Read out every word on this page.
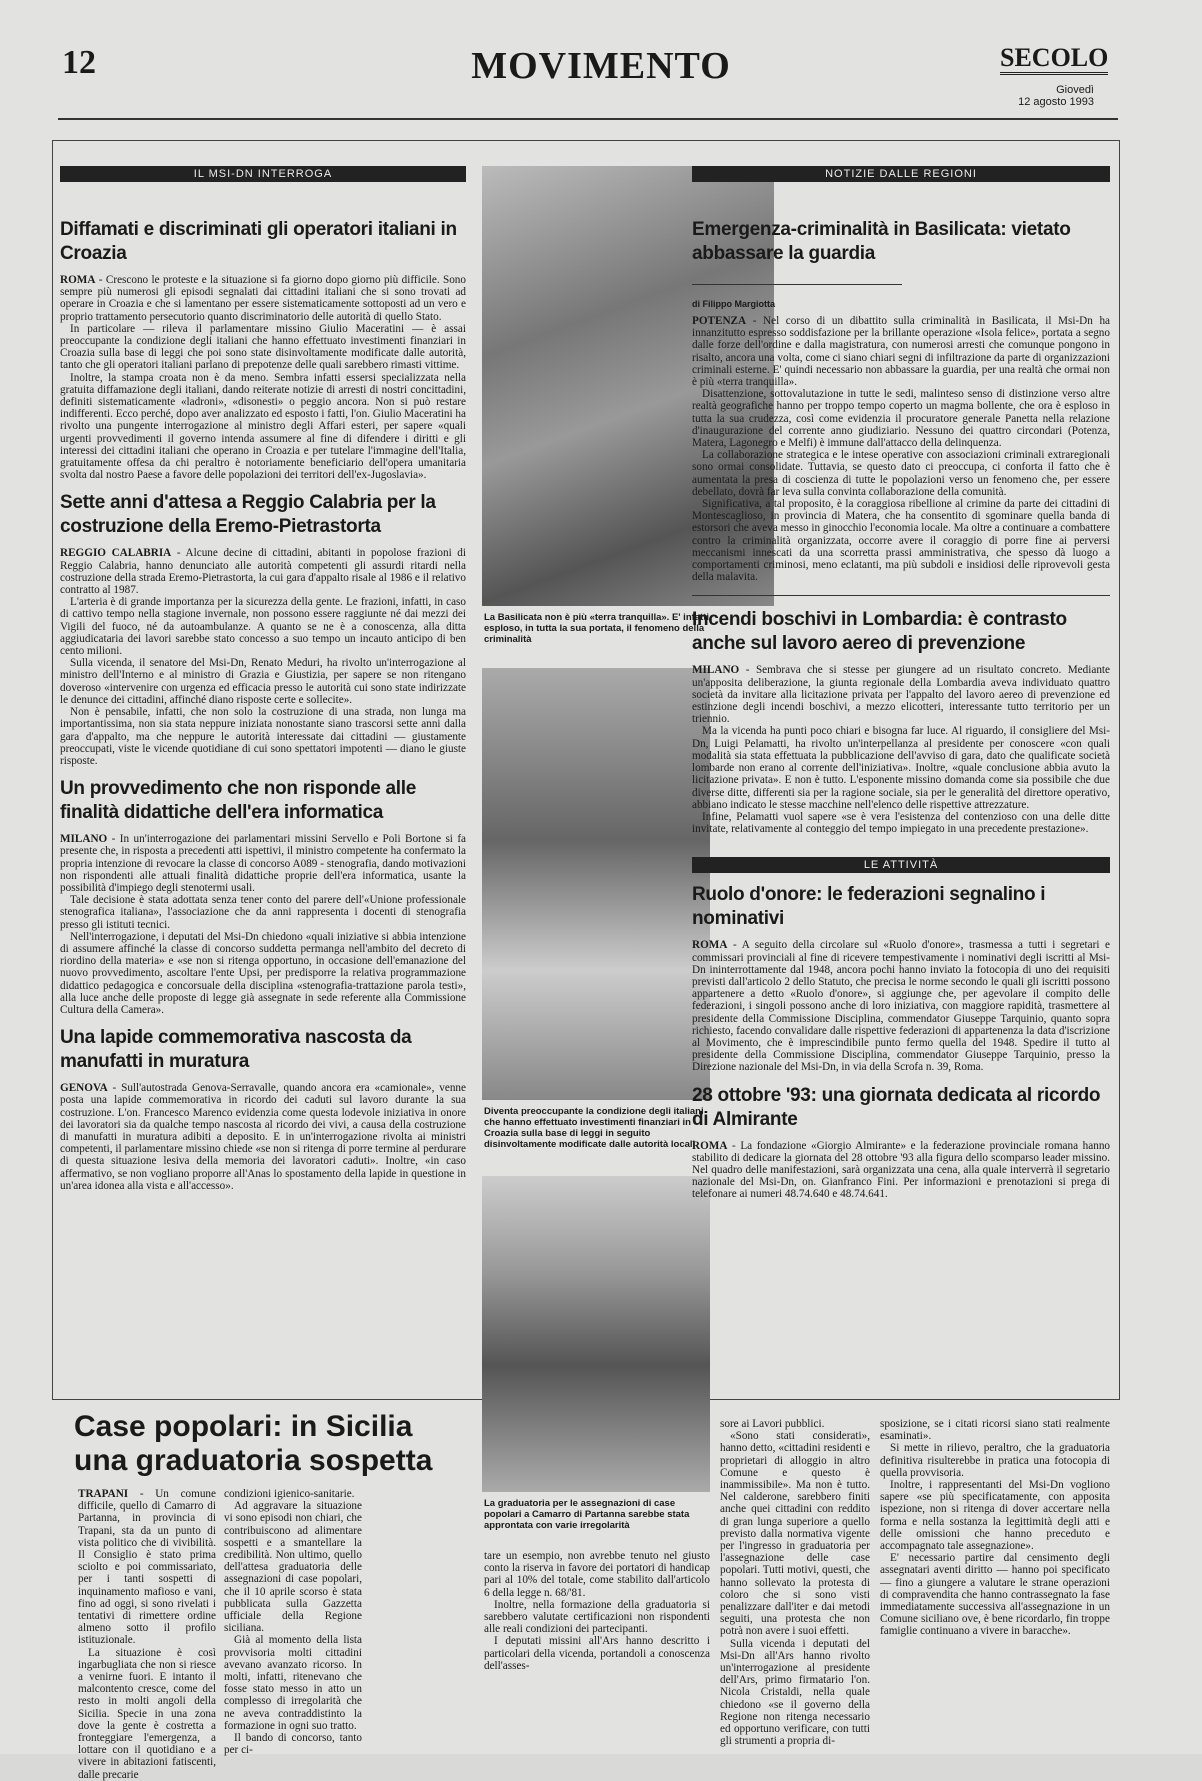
12	MOVIMENTO	SECOLO
Giovedì
12 agosto 1993
IL MSI-DN INTERROGA
Diffamati e discriminati gli operatori italiani in Croazia

ROMA - Crescono le proteste e la situazione si fa giorno dopo giorno più difficile. Sono sempre più numerosi gli episodi segnalati dai cittadini italiani che si sono trovati ad operare in Croazia e che si lamentano per essere sistematicamente sottoposti ad un vero e proprio trattamento persecutorio quanto discriminatorio delle autorità di quello Stato.

In particolare — rileva il parlamentare missino Giulio Maceratini — è assai preoccupante la condizione degli italiani che hanno effettuato investimenti finanziari in Croazia sulla base di leggi che poi sono state disinvoltamente modificate dalle autorità, tanto che gli operatori italiani parlano di prepotenze delle quali sarebbero rimasti vittime.

Inoltre, la stampa croata non è da meno. Sembra infatti essersi specializzata nella gratuita diffamazione degli italiani, dando reiterate notizie di arresti di nostri concittadini, definiti sistematicamente «ladroni», «disonesti» o peggio ancora. Non si può restare indifferenti. Ecco perché, dopo aver analizzato ed esposto i fatti, l'on. Giulio Maceratini ha rivolto una pungente interrogazione al ministro degli Affari esteri, per sapere «quali urgenti provvedimenti il governo intenda assumere al fine di difendere i diritti e gli interessi dei cittadini italiani che operano in Croazia e per tutelare l'immagine dell'Italia, gratuitamente offesa da chi peraltro è notoriamente beneficiario dell'opera umanitaria svolta dal nostro Paese a favore delle popolazioni dei territori dell'ex-Jugoslavia».

Sette anni d'attesa a Reggio Calabria per la costruzione della Eremo-Pietrastorta

REGGIO CALABRIA - Alcune decine di cittadini, abitanti in popolose frazioni di Reggio Calabria, hanno denunciato alle autorità competenti gli assurdi ritardi nella costruzione della strada Eremo-Pietrastorta, la cui gara d'appalto risale al 1986 e il relativo contratto al 1987.

L'arteria è di grande importanza per la sicurezza della gente. Le frazioni, infatti, in caso di cattivo tempo nella stagione invernale, non possono essere raggiunte né dai mezzi dei Vigili del fuoco, né da autoambulanze. A quanto se ne è a conoscenza, alla ditta aggiudicataria dei lavori sarebbe stato concesso a suo tempo un incauto anticipo di ben cento milioni.

Sulla vicenda, il senatore del Msi-Dn, Renato Meduri, ha rivolto un'interrogazione al ministro dell'Interno e al ministro di Grazia e Giustizia, per sapere se non ritengano doveroso «intervenire con urgenza ed efficacia presso le autorità cui sono state indirizzate le denunce dei cittadini, affinché diano risposte certe e sollecite».

Non è pensabile, infatti, che non solo la costruzione di una strada, non lunga ma importantissima, non sia stata neppure iniziata nonostante siano trascorsi sette anni dalla gara d'appalto, ma che neppure le autorità interessate dai cittadini — giustamente preoccupati, viste le vicende quotidiane di cui sono spettatori impotenti — diano le giuste risposte.

Un provvedimento che non risponde alle finalità didattiche dell'era informatica

MILANO - In un'interrogazione dei parlamentari missini Servello e Poli Bortone si fa presente che, in risposta a precedenti atti ispettivi, il ministro competente ha confermato la propria intenzione di revocare la classe di concorso A089 - stenografia, dando motivazioni non rispondenti alle attuali finalità didattiche proprie dell'era informatica, usante la possibilità d'impiego degli stenotermi usali.

Tale decisione è stata adottata senza tener conto del parere dell'«Unione professionale stenografica italiana», l'associazione che da anni rappresenta i docenti di stenografia presso gli istituti tecnici.

Nell'interrogazione, i deputati del Msi-Dn chiedono «quali iniziative si abbia intenzione di assumere affinché la classe di concorso suddetta permanga nell'ambito del decreto di riordino della materia» e «se non si ritenga opportuno, in occasione dell'emanazione del nuovo provvedimento, ascoltare l'ente Upsi, per predisporre la relativa programmazione didattico pedagogica e concorsuale della disciplina «stenografia-trattazione parola testi», alla luce anche delle proposte di legge già assegnate in sede referente alla Commissione Cultura della Camera».

Una lapide commemorativa nascosta da manufatti in muratura

GENOVA - Sull'autostrada Genova-Serravalle, quando ancora era «camionale», venne posta una lapide commemorativa in ricordo dei caduti sul lavoro durante la sua costruzione. L'on. Francesco Marenco evidenzia come questa lodevole iniziativa in onore dei lavoratori sia da qualche tempo nascosta al ricordo dei vivi, a causa della costruzione di manufatti in muratura adibiti a deposito. E in un'interrogazione rivolta ai ministri competenti, il parlamentare missino chiede «se non si ritenga di porre termine al perdurare di questa situazione lesiva della memoria dei lavoratori caduti». Inoltre, «in caso affermativo, se non vogliano proporre all'Anas lo spostamento della lapide in questione in un'area idonea alla vista e all'accesso».

La Basilicata non è più «terra tranquilla». E' infatti esploso, in tutta la sua portata, il fenomeno della criminalità
Diventa preoccupante la condizione degli italiani che hanno effettuato investimenti finanziari in Croazia sulla base di leggi in seguito disinvoltamente modificate dalle autorità locali
La graduatoria per le assegnazioni di case popolari a Camarro di Partanna sarebbe stata approntata con varie irregolarità
NOTIZIE DALLE REGIONI
Emergenza-criminalità in Basilicata: vietato abbassare la guardia
di Filippo Margiotta

POTENZA - Nel corso di un dibattito sulla criminalità in Basilicata, il Msi-Dn ha innanzitutto espresso soddisfazione per la brillante operazione «Isola felice», portata a segno dalle forze dell'ordine e dalla magistratura, con numerosi arresti che comunque pongono in risalto, ancora una volta, come ci siano chiari segni di infiltrazione da parte di organizzazioni criminali esterne. E' quindi necessario non abbassare la guardia, per una realtà che ormai non è più «terra tranquilla».

Disattenzione, sottovalutazione in tutte le sedi, malinteso senso di distinzione verso altre realtà geografiche hanno per troppo tempo coperto un magma bollente, che ora è esploso in tutta la sua crudezza, così come evidenzia il procuratore generale Panetta nella relazione d'inaugurazione del corrente anno giudiziario. Nessuno dei quattro circondari (Potenza, Matera, Lagonegro e Melfi) è immune dall'attacco della delinquenza.

La collaborazione strategica e le intese operative con associazioni criminali extraregionali sono ormai consolidate. Tuttavia, se questo dato ci preoccupa, ci conforta il fatto che è aumentata la presa di coscienza di tutte le popolazioni verso un fenomeno che, per essere debellato, dovrà far leva sulla convinta collaborazione della comunità.

Significativa, a tal proposito, è la coraggiosa ribellione al crimine da parte dei cittadini di Montescaglioso, in provincia di Matera, che ha consentito di sgominare quella banda di estorsori che aveva messo in ginocchio l'economia locale. Ma oltre a continuare a combattere contro la criminalità organizzata, occorre avere il coraggio di porre fine ai perversi meccanismi innescati da una scorretta prassi amministrativa, che spesso dà luogo a comportamenti criminosi, meno eclatanti, ma più subdoli e insidiosi delle riprovevoli gesta della malavita.

Incendi boschivi in Lombardia: è contrasto anche sul lavoro aereo di prevenzione

MILANO - Sembrava che si stesse per giungere ad un risultato concreto. Mediante un'apposita deliberazione, la giunta regionale della Lombardia aveva individuato quattro società da invitare alla licitazione privata per l'appalto del lavoro aereo di prevenzione ed estinzione degli incendi boschivi, a mezzo elicotteri, interessante tutto territorio per un triennio.

Ma la vicenda ha punti poco chiari e bisogna far luce. Al riguardo, il consigliere del Msi-Dn, Luigi Pelamatti, ha rivolto un'interpellanza al presidente per conoscere «con quali modalità sia stata effettuata la pubblicazione dell'avviso di gara, dato che qualificate società lombarde non erano al corrente dell'iniziativa». Inoltre, «quale conclusione abbia avuto la licitazione privata». E non è tutto. L'esponente missino domanda come sia possibile che due diverse ditte, differenti sia per la ragione sociale, sia per le generalità del direttore operativo, abbiano indicato le stesse macchine nell'elenco delle rispettive attrezzature.

Infine, Pelamatti vuol sapere «se è vera l'esistenza del contenzioso con una delle ditte invitate, relativamente al conteggio del tempo impiegato in una precedente prestazione».

LE ATTIVITÀ
Ruolo d'onore: le federazioni segnalino i nominativi

ROMA - A seguito della circolare sul «Ruolo d'onore», trasmessa a tutti i segretari e commissari provinciali al fine di ricevere tempestivamente i nominativi degli iscritti al Msi-Dn ininterrottamente dal 1948, ancora pochi hanno inviato la fotocopia di uno dei requisiti previsti dall'articolo 2 dello Statuto, che precisa le norme secondo le quali gli iscritti possono appartenere a detto «Ruolo d'onore», si aggiunge che, per agevolare il compito delle federazioni, i singoli possono anche di loro iniziativa, con maggiore rapidità, trasmettere al presidente della Commissione Disciplina, commendator Giuseppe Tarquinio, quanto sopra richiesto, facendo convalidare dalle rispettive federazioni di appartenenza la data d'iscrizione al Movimento, che è imprescindibile punto fermo quella del 1948. Spedire il tutto al presidente della Commissione Disciplina, commendator Giuseppe Tarquinio, presso la Direzione nazionale del Msi-Dn, in via della Scrofa n. 39, Roma.

28 ottobre '93: una giornata dedicata al ricordo di Almirante

ROMA - La fondazione «Giorgio Almirante» e la federazione provinciale romana hanno stabilito di dedicare la giornata del 28 ottobre '93 alla figura dello scomparso leader missino. Nel quadro delle manifestazioni, sarà organizzata una cena, alla quale interverrà il segretario nazionale del Msi-Dn, on. Gianfranco Fini. Per informazioni e prenotazioni si prega di telefonare ai numeri 48.74.640 e 48.74.641.

Case popolari: in Sicilia una graduatoria sospetta

TRAPANI - Un comune difficile, quello di Camarro di Partanna, in provincia di Trapani, sta da un punto di vista politico che di vivibilità. Il Consiglio è stato prima sciolto e poi commissariato, per i tanti sospetti di inquinamento mafioso e vani, fino ad oggi, si sono rivelati i tentativi di rimettere ordine almeno sotto il profilo istituzionale.

La situazione è così ingarbugliata che non si riesce a venirne fuori. E intanto il malcontento cresce, come del resto in molti angoli della Sicilia. Specie in una zona dove la gente è costretta a fronteggiare l'emergenza, a lottare con il quotidiano e a vivere in abitazioni fatiscenti, dalle precarie

condizioni igienico-sanitarie.

Ad aggravare la situazione vi sono episodi non chiari, che contribuiscono ad alimentare sospetti e a smantellare la credibilità. Non ultimo, quello dell'attesa graduatoria delle assegnazioni di case popolari, che il 10 aprile scorso è stata pubblicata sulla Gazzetta ufficiale della Regione siciliana.

Già al momento della lista provvisoria molti cittadini avevano avanzato ricorso. In molti, infatti, ritenevano che fosse stato messo in atto un complesso di irregolarità che ne aveva contraddistinto la formazione in ogni suo tratto.

Il bando di concorso, tanto per ci-

sore ai Lavori pubblici.

«Sono stati considerati», hanno detto, «cittadini residenti e proprietari di alloggio in altro Comune e questo è inammissibile». Ma non è tutto. Nel calderone, sarebbero finiti anche quei cittadini con reddito di gran lunga superiore a quello previsto dalla normativa vigente per l'ingresso in graduatoria per l'assegnazione delle case popolari. Tutti motivi, questi, che hanno sollevato la protesta di coloro che si sono visti penalizzare dall'iter e dai metodi seguiti, una protesta che non potrà non avere i suoi effetti.

Sulla vicenda i deputati del Msi-Dn all'Ars hanno rivolto un'interrogazione al presidente dell'Ars, primo firmatario l'on. Nicola Cristaldi, nella quale chiedono «se il governo della Regione non ritenga necessario ed opportuno verificare, con tutti gli strumenti a propria di-

tare un esempio, non avrebbe tenuto nel giusto conto la riserva in favore dei portatori di handicap pari al 10% del totale, come stabilito dall'articolo 6 della legge n. 68/'81.

Inoltre, nella formazione della graduatoria si sarebbero valutate certificazioni non rispondenti alle reali condizioni dei partecipanti.

I deputati missini all'Ars hanno descritto i particolari della vicenda, portandoli a conoscenza dell'asses-

sposizione, se i citati ricorsi siano stati realmente esaminati».

Si mette in rilievo, peraltro, che la graduatoria definitiva risulterebbe in pratica una fotocopia di quella provvisoria.

Inoltre, i rappresentanti del Msi-Dn vogliono sapere «se più specificatamente, con apposita ispezione, non si ritenga di dover accertare nella forma e nella sostanza la legittimità degli atti e delle omissioni che hanno preceduto e accompagnato tale assegnazione».

E' necessario partire dal censimento degli assegnatari aventi diritto — hanno poi specificato — fino a giungere a valutare le strane operazioni di compravendita che hanno contrassegnato la fase immediatamente successiva all'assegnazione in un Comune siciliano ove, è bene ricordarlo, fin troppe famiglie continuano a vivere in baracche».
